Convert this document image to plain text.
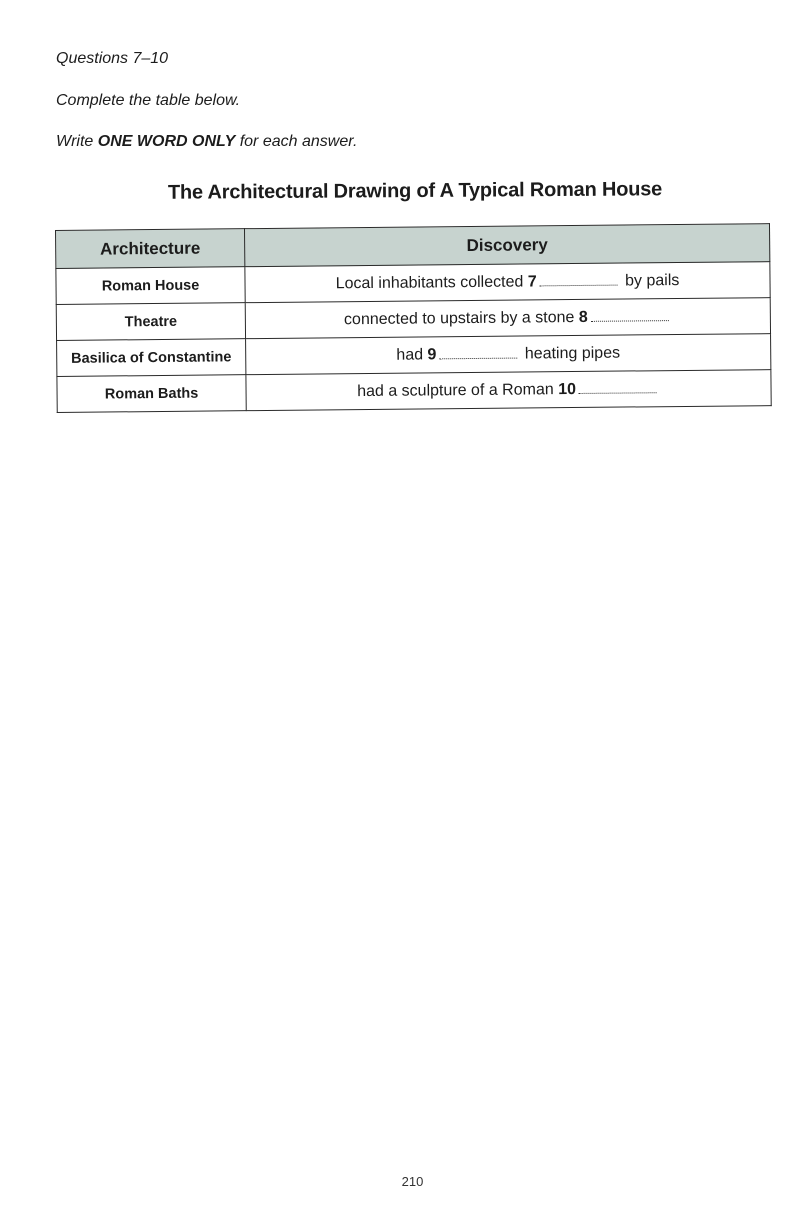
Questions 7–10
Complete the table below.
Write ONE WORD ONLY for each answer.
The Architectural Drawing of A Typical Roman House
Architecture	Discovery
Roman House	Local inhabitants collected 7 by pails
Theatre	connected to upstairs by a stone 8
Basilica of Constantine	had 9 heating pipes
Roman Baths	had a sculpture of a Roman 10
210
